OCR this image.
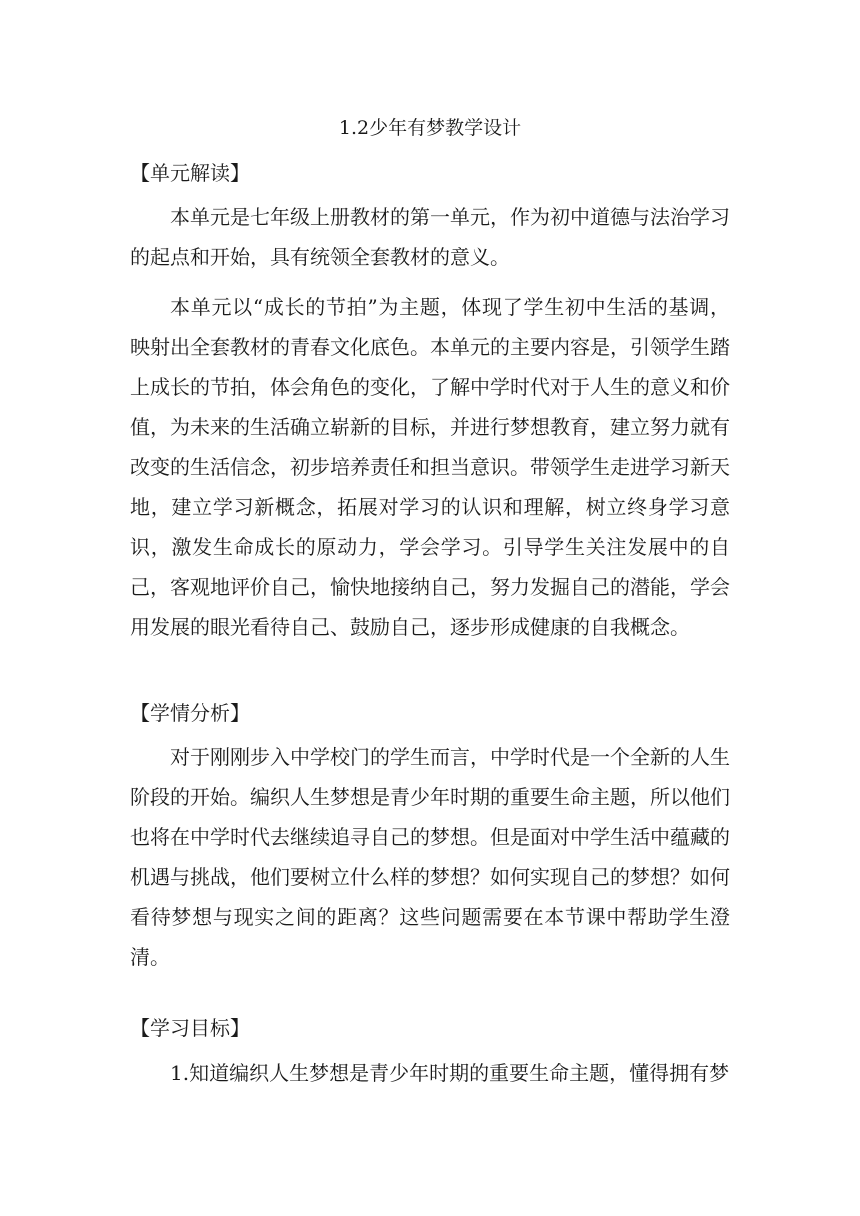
1.2少年有梦教学设计
【单元解读】
本单元是七年级上册教材的第一单元，作为初中道德与法治学习的起点和开始，具有统领全套教材的意义。
本单元以“成长的节拍”为主题，体现了学生初中生活的基调，映射出全套教材的青春文化底色。本单元的主要内容是，引领学生踏上成长的节拍，体会角色的变化，了解中学时代对于人生的意义和价值，为未来的生活确立崭新的目标，并进行梦想教育，建立努力就有改变的生活信念，初步培养责任和担当意识。带领学生走进学习新天地，建立学习新概念，拓展对学习的认识和理解，树立终身学习意识，激发生命成长的原动力，学会学习。引导学生关注发展中的自己，客观地评价自己，愉快地接纳自己，努力发掘自己的潜能，学会用发展的眼光看待自己、鼓励自己，逐步形成健康的自我概念。
【学情分析】
对于刚刚步入中学校门的学生而言，中学时代是一个全新的人生阶段的开始。编织人生梦想是青少年时期的重要生命主题，所以他们也将在中学时代去继续追寻自己的梦想。但是面对中学生活中蕴藏的机遇与挑战，他们要树立什么样的梦想？如何实现自己的梦想？如何看待梦想与现实之间的距离？这些问题需要在本节课中帮助学生澄清。
【学习目标】
1.知道编织人生梦想是青少年时期的重要生命主题，懂得拥有梦
